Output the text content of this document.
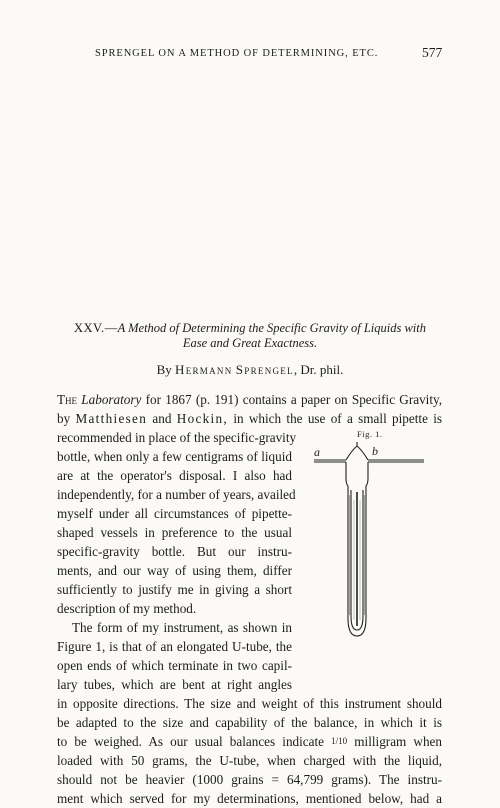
SPRENGEL ON A METHOD OF DETERMINING, ETC.	577
XXV.—A Method of Determining the Specific Gravity of Liquids with
Ease and Great Exactness.
By Hermann Sprengel, Dr. phil.
The Laboratory for 1867 (p. 191) contains a paper on Specific Gravity,
by Matthiesen and Hockin, in which the use of a small pipette is
recommended in place of the specific-gravity
bottle, when only a few centigrams of liquid
are at the operator's disposal. I also had
independently, for a number of years, availed
myself under all circumstances of pipette-
shaped vessels in preference to the usual
specific-gravity bottle. But our instru-
ments, and our way of using them, differ
sufficiently to justify me in giving a short
description of my method.
The form of my instrument, as shown in
Figure 1, is that of an elongated U-tube, the
open ends of which terminate in two capil-
lary tubes, which are bent at right angles
in opposite directions. The size and weight of this instrument should
be adapted to the size and capability of the balance, in which it is
to be weighed. As our usual balances indicate 1/10 milligram when
loaded with 50 grams, the U-tube, when charged with the liquid,
should not be heavier (1000 grains = 64,799 grams). The instru-
ment which served for my determinations, mentioned below, had a
Fig. 1.
a	b
